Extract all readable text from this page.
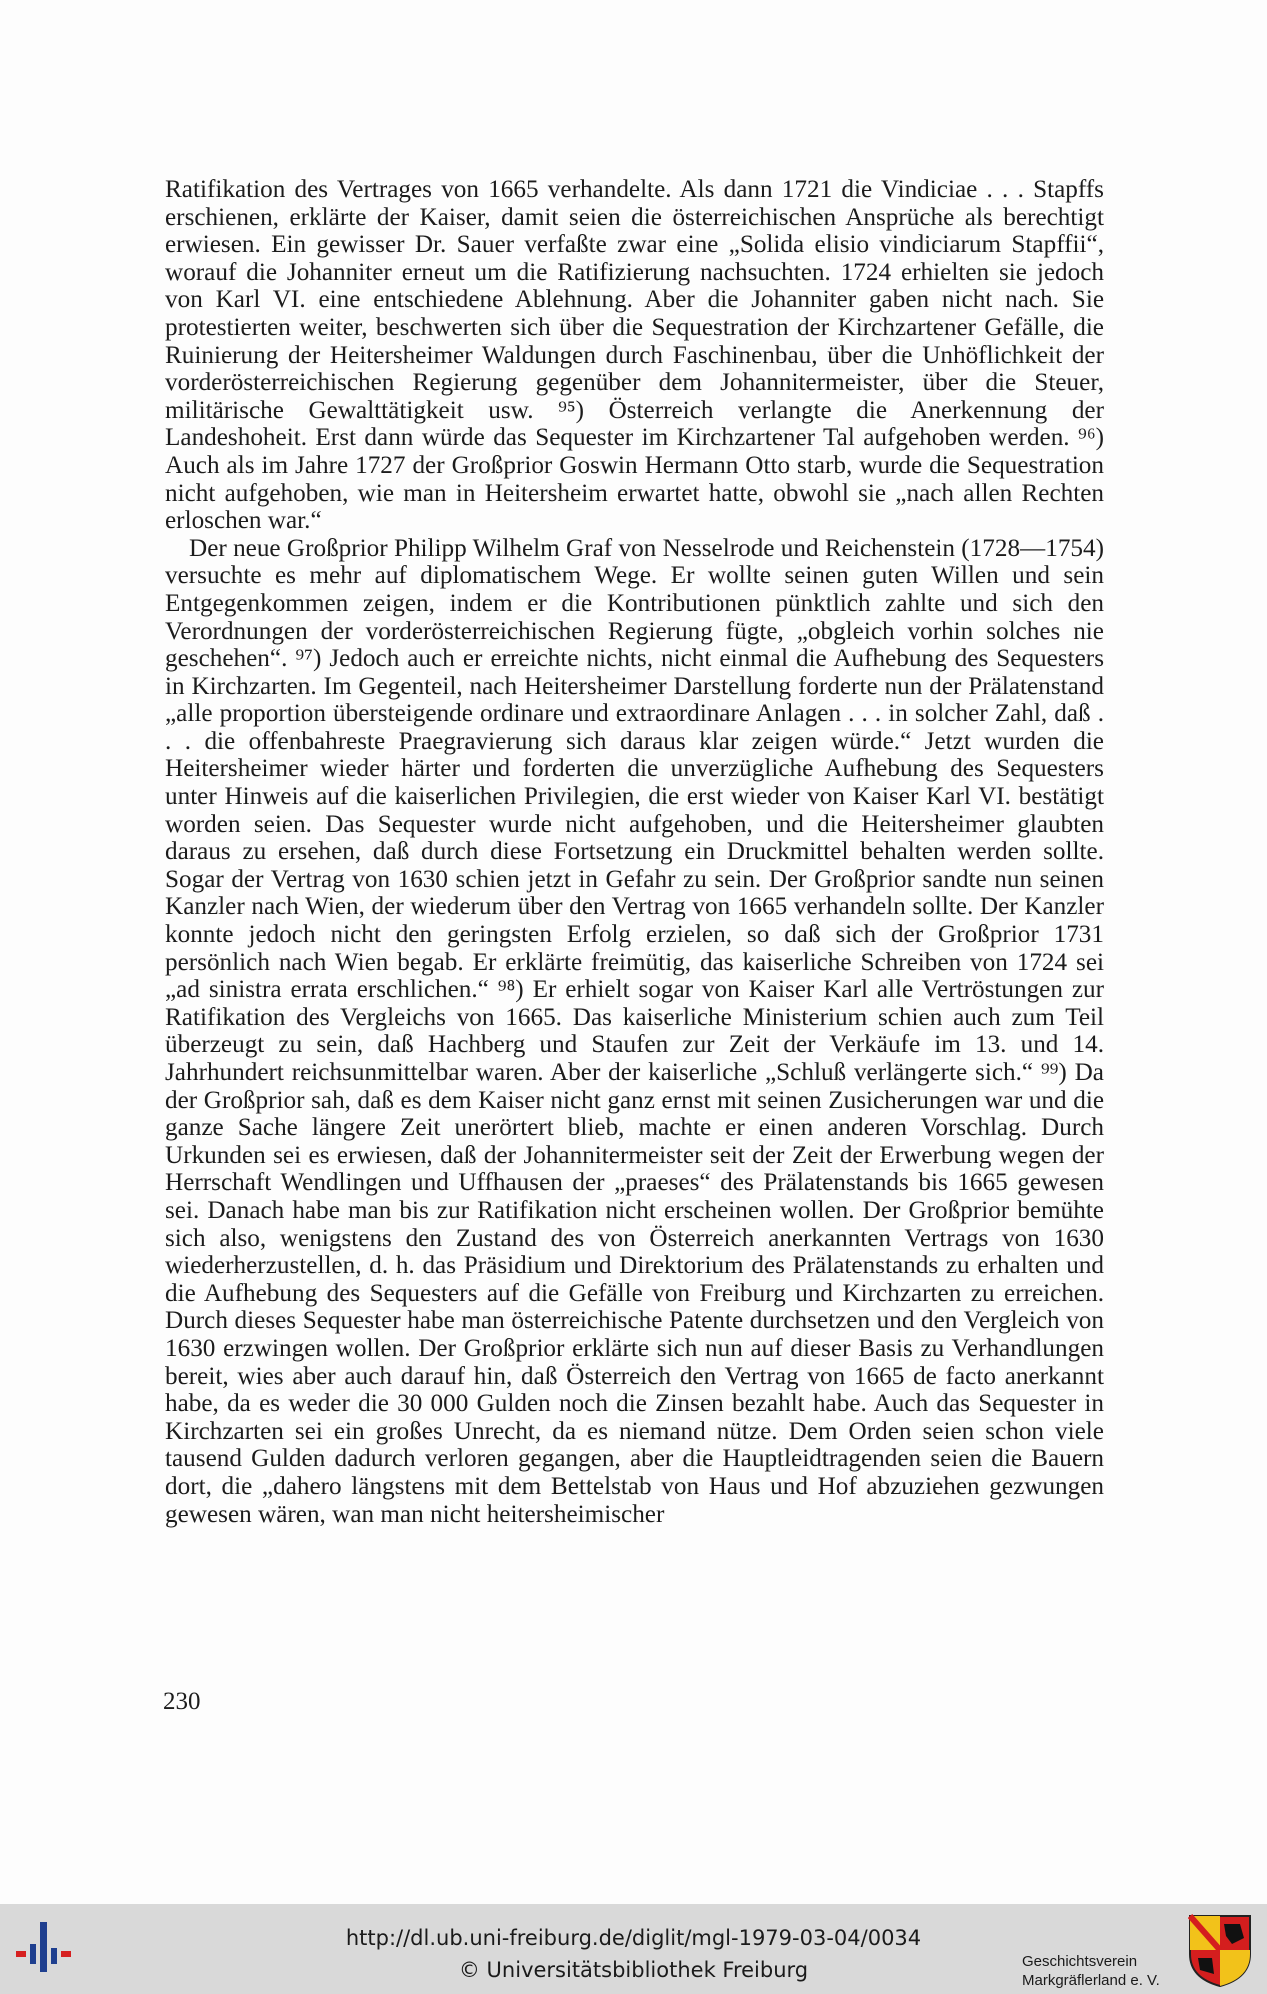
Ratifikation des Vertrages von 1665 verhandelte. Als dann 1721 die Vindiciae . . . Stapffs erschienen, erklärte der Kaiser, damit seien die österreichischen Ansprüche als berechtigt erwiesen. Ein gewisser Dr. Sauer verfaßte zwar eine „Solida elisio vindiciarum Stapffii“, worauf die Johanniter erneut um die Ratifizierung nachsuchten. 1724 erhielten sie jedoch von Karl VI. eine entschiedene Ablehnung. Aber die Johanniter gaben nicht nach. Sie protestierten weiter, beschwerten sich über die Sequestration der Kirchzartener Gefälle, die Ruinierung der Heitersheimer Waldungen durch Faschinenbau, über die Unhöflichkeit der vorderösterreichischen Regierung gegenüber dem Johannitermeister, über die Steuer, militärische Gewalttätigkeit usw. ⁹⁵) Österreich verlangte die Anerkennung der Landeshoheit. Erst dann würde das Sequester im Kirchzartener Tal aufgehoben werden. ⁹⁶) Auch als im Jahre 1727 der Großprior Goswin Hermann Otto starb, wurde die Sequestration nicht aufgehoben, wie man in Heitersheim erwartet hatte, obwohl sie „nach allen Rechten erloschen war.“

Der neue Großprior Philipp Wilhelm Graf von Nesselrode und Reichenstein (1728—1754) versuchte es mehr auf diplomatischem Wege. Er wollte seinen guten Willen und sein Entgegenkommen zeigen, indem er die Kontributionen pünktlich zahlte und sich den Verordnungen der vorderösterreichischen Regierung fügte, „obgleich vorhin solches nie geschehen“. ⁹⁷) Jedoch auch er erreichte nichts, nicht einmal die Aufhebung des Sequesters in Kirchzarten. Im Gegenteil, nach Heitersheimer Darstellung forderte nun der Prälatenstand „alle proportion übersteigende ordinare und extraordinare Anlagen . . . in solcher Zahl, daß . . . die offenbahreste Praegravierung sich daraus klar zeigen würde.“ Jetzt wurden die Heitersheimer wieder härter und forderten die unverzügliche Aufhebung des Sequesters unter Hinweis auf die kaiserlichen Privilegien, die erst wieder von Kaiser Karl VI. bestätigt worden seien. Das Sequester wurde nicht aufgehoben, und die Heitersheimer glaubten daraus zu ersehen, daß durch diese Fortsetzung ein Druckmittel behalten werden sollte. Sogar der Vertrag von 1630 schien jetzt in Gefahr zu sein. Der Großprior sandte nun seinen Kanzler nach Wien, der wiederum über den Vertrag von 1665 verhandeln sollte. Der Kanzler konnte jedoch nicht den geringsten Erfolg erzielen, so daß sich der Großprior 1731 persönlich nach Wien begab. Er erklärte freimütig, das kaiserliche Schreiben von 1724 sei „ad sinistra errata erschlichen.“ ⁹⁸) Er erhielt sogar von Kaiser Karl alle Vertröstungen zur Ratifikation des Vergleichs von 1665. Das kaiserliche Ministerium schien auch zum Teil überzeugt zu sein, daß Hachberg und Staufen zur Zeit der Verkäufe im 13. und 14. Jahrhundert reichsunmittelbar waren. Aber der kaiserliche „Schluß verlängerte sich.“ ⁹⁹) Da der Großprior sah, daß es dem Kaiser nicht ganz ernst mit seinen Zusicherungen war und die ganze Sache längere Zeit unerörtert blieb, machte er einen anderen Vorschlag. Durch Urkunden sei es erwiesen, daß der Johannitermeister seit der Zeit der Erwerbung wegen der Herrschaft Wendlingen und Uffhausen der „praeses“ des Prälatenstands bis 1665 gewesen sei. Danach habe man bis zur Ratifikation nicht erscheinen wollen. Der Großprior bemühte sich also, wenigstens den Zustand des von Österreich anerkannten Vertrags von 1630 wiederherzustellen, d. h. das Präsidium und Direktorium des Prälatenstands zu erhalten und die Aufhebung des Sequesters auf die Gefälle von Freiburg und Kirchzarten zu erreichen. Durch dieses Sequester habe man österreichische Patente durchsetzen und den Vergleich von 1630 erzwingen wollen. Der Großprior erklärte sich nun auf dieser Basis zu Verhandlungen bereit, wies aber auch darauf hin, daß Österreich den Vertrag von 1665 de facto anerkannt habe, da es weder die 30 000 Gulden noch die Zinsen bezahlt habe. Auch das Sequester in Kirchzarten sei ein großes Unrecht, da es niemand nütze. Dem Orden seien schon viele tausend Gulden dadurch verloren gegangen, aber die Hauptleidtragenden seien die Bauern dort, die „dahero längstens mit dem Bettelstab von Haus und Hof abzuziehen gezwungen gewesen wären, wan man nicht heitersheimischer

230
http://dl.ub.uni-freiburg.de/diglit/mgl-1979-03-04/0034
© Universitätsbibliothek Freiburg	Geschichtsverein
Markgräflerland e. V.
